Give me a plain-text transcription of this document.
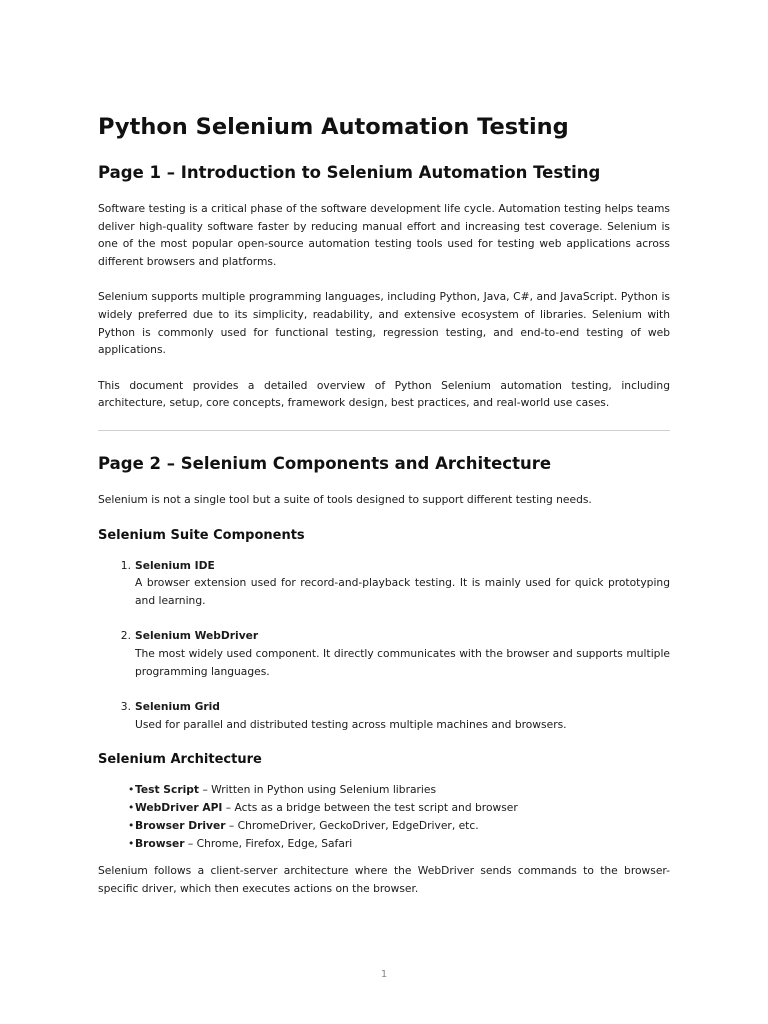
Python Selenium Automation Testing
Page 1 – Introduction to Selenium Automation Testing

Software testing is a critical phase of the software development life cycle. Automation testing helps teams deliver high-quality software faster by reducing manual effort and increasing test coverage. Selenium is one of the most popular open-source automation testing tools used for testing web applications across different browsers and platforms.

Selenium supports multiple programming languages, including Python, Java, C#, and JavaScript. Python is widely preferred due to its simplicity, readability, and extensive ecosystem of libraries. Selenium with Python is commonly used for functional testing, regression testing, and end-to-end testing of web applications.

This document provides a detailed overview of Python Selenium automation testing, including architecture, setup, core concepts, framework design, best practices, and real-world use cases.

Page 2 – Selenium Components and Architecture

Selenium is not a single tool but a suite of tools designed to support different testing needs.

Selenium Suite Components
1. Selenium IDE
A browser extension used for record-and-playback testing. It is mainly used for quick prototyping and learning.
2. Selenium WebDriver
The most widely used component. It directly communicates with the browser and supports multiple programming languages.
3. Selenium Grid
Used for parallel and distributed testing across multiple machines and browsers.
Selenium Architecture
•Test Script – Written in Python using Selenium libraries
•WebDriver API – Acts as a bridge between the test script and browser
•Browser Driver – ChromeDriver, GeckoDriver, EdgeDriver, etc.
•Browser – Chrome, Firefox, Edge, Safari

Selenium follows a client-server architecture where the WebDriver sends commands to the browser-specific driver, which then executes actions on the browser.

1
